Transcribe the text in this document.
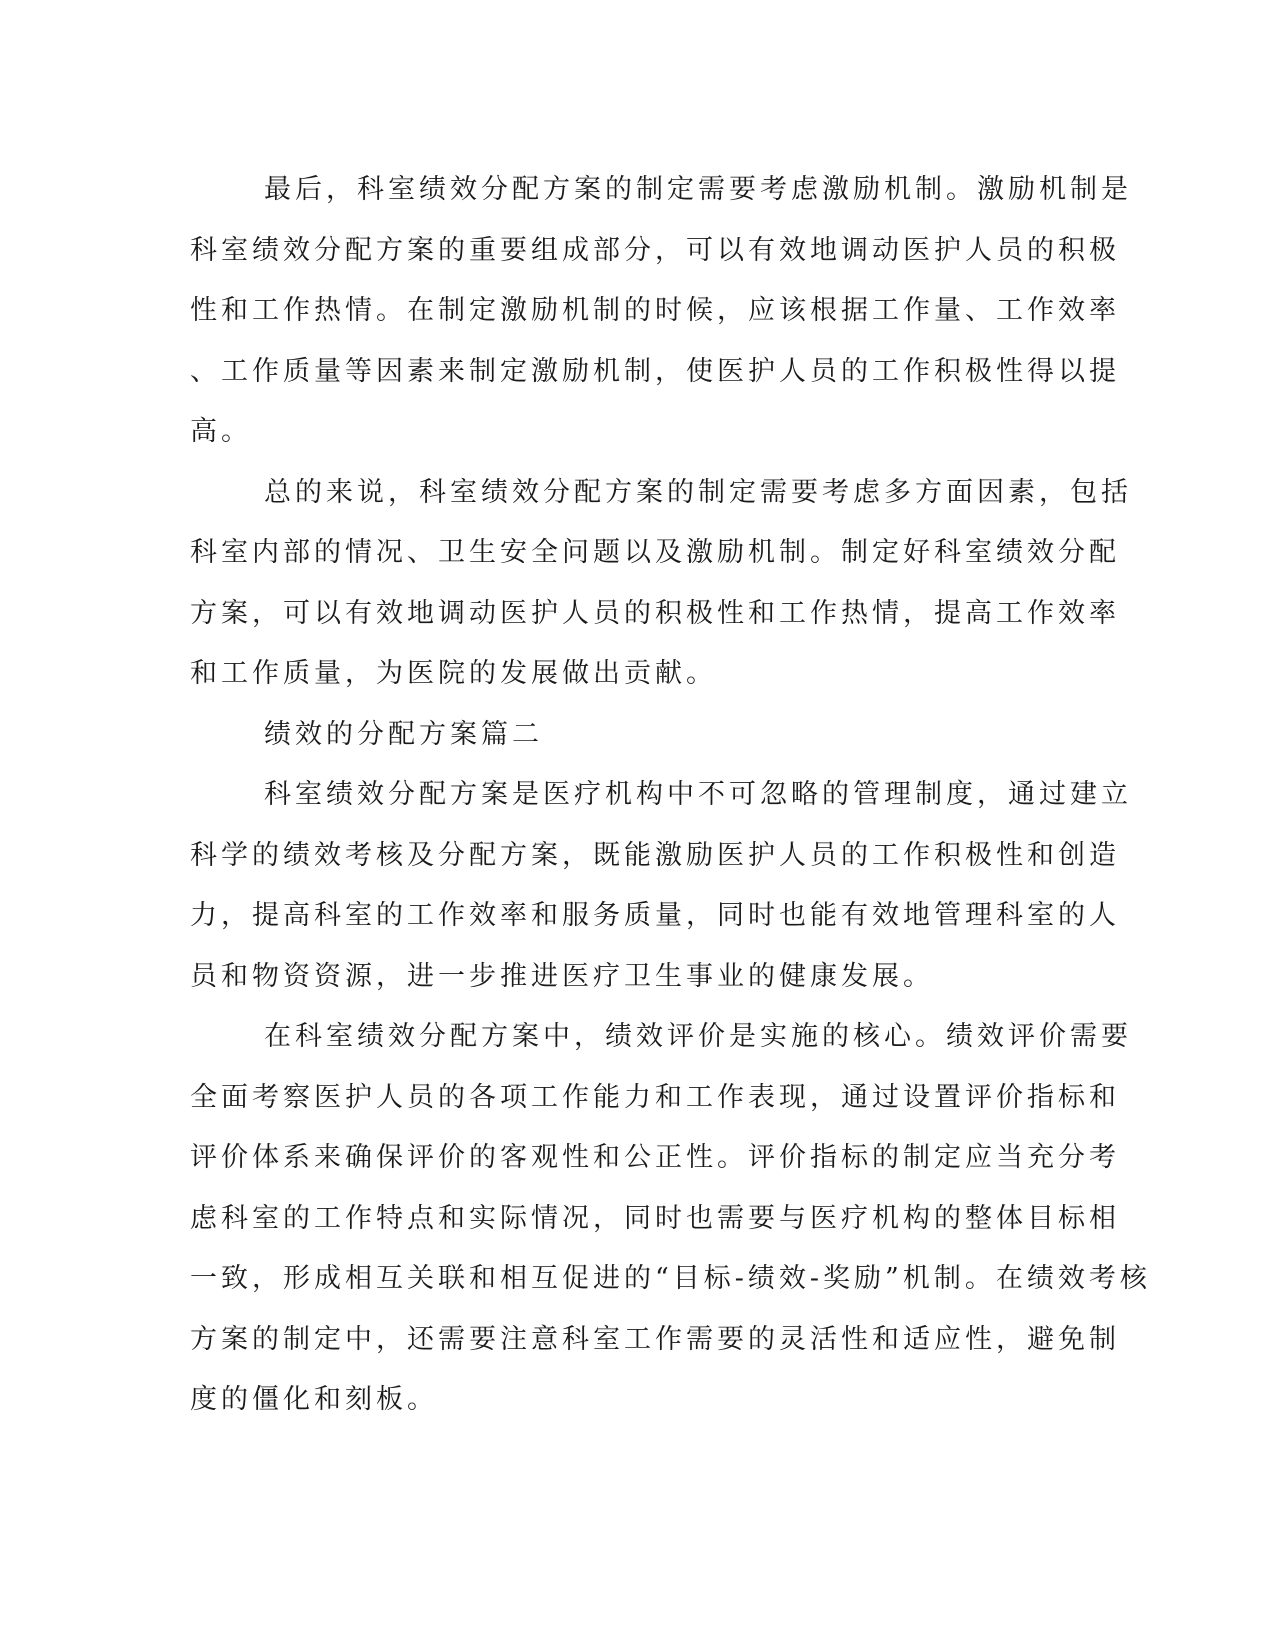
最后，科室绩效分配方案的制定需要考虑激励机制。激励机制是
科室绩效分配方案的重要组成部分，可以有效地调动医护人员的积极
性和工作热情。在制定激励机制的时候，应该根据工作量、工作效率
、工作质量等因素来制定激励机制，使医护人员的工作积极性得以提
高。
总的来说，科室绩效分配方案的制定需要考虑多方面因素，包括
科室内部的情况、卫生安全问题以及激励机制。制定好科室绩效分配
方案，可以有效地调动医护人员的积极性和工作热情，提高工作效率
和工作质量，为医院的发展做出贡献。
绩效的分配方案篇二
科室绩效分配方案是医疗机构中不可忽略的管理制度，通过建立
科学的绩效考核及分配方案，既能激励医护人员的工作积极性和创造
力，提高科室的工作效率和服务质量，同时也能有效地管理科室的人
员和物资资源，进一步推进医疗卫生事业的健康发展。
在科室绩效分配方案中，绩效评价是实施的核心。绩效评价需要
全面考察医护人员的各项工作能力和工作表现，通过设置评价指标和
评价体系来确保评价的客观性和公正性。评价指标的制定应当充分考
虑科室的工作特点和实际情况，同时也需要与医疗机构的整体目标相
一致，形成相互关联和相互促进的“目标-绩效-奖励”机制。在绩效考核
方案的制定中，还需要注意科室工作需要的灵活性和适应性，避免制
度的僵化和刻板。
